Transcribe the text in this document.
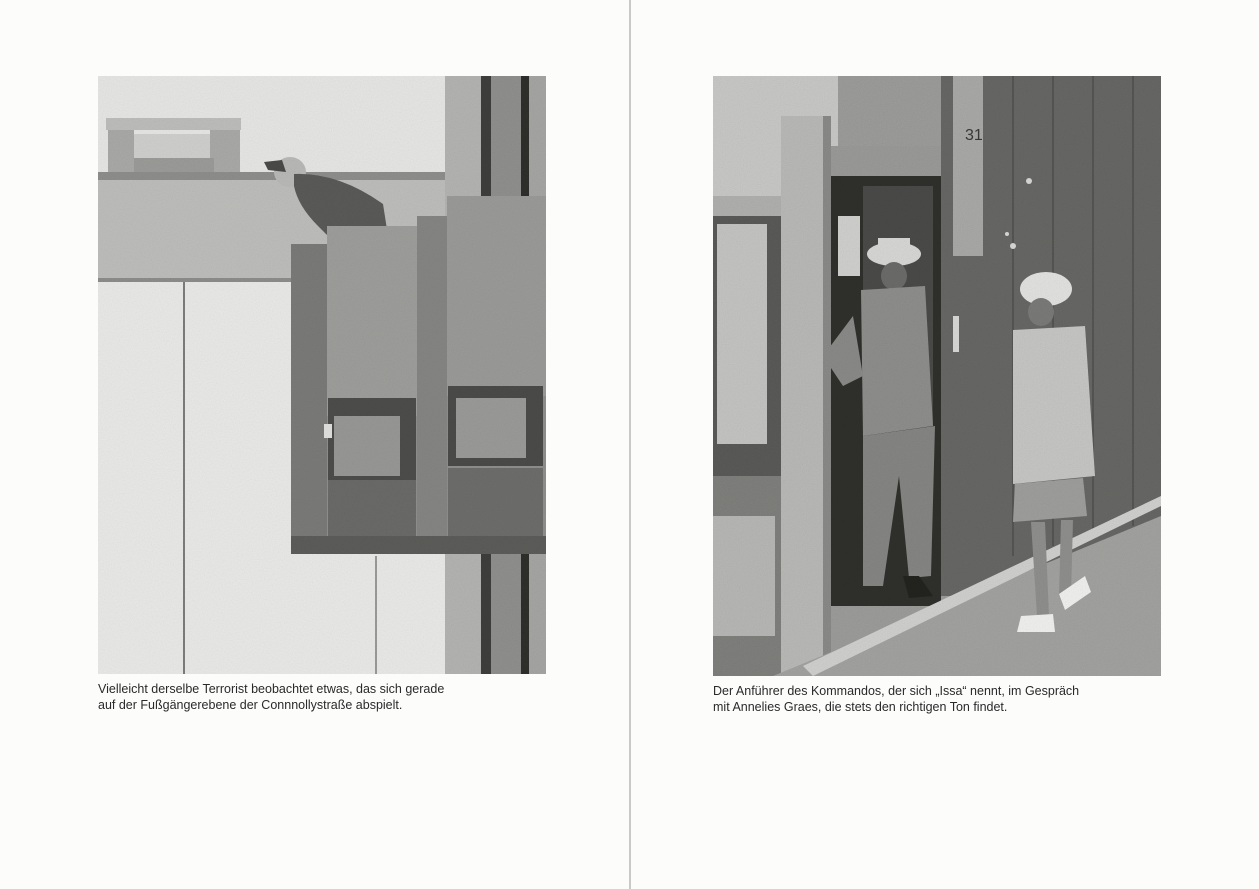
Vielleicht derselbe Terrorist beobachtet etwas, das sich gerade
auf der Fußgängerebene der Connnollystraße abspielt.
31
Der Anführer des Kommandos, der sich „Issa“ nennt, im Gespräch
mit Annelies Graes, die stets den richtigen Ton findet.
